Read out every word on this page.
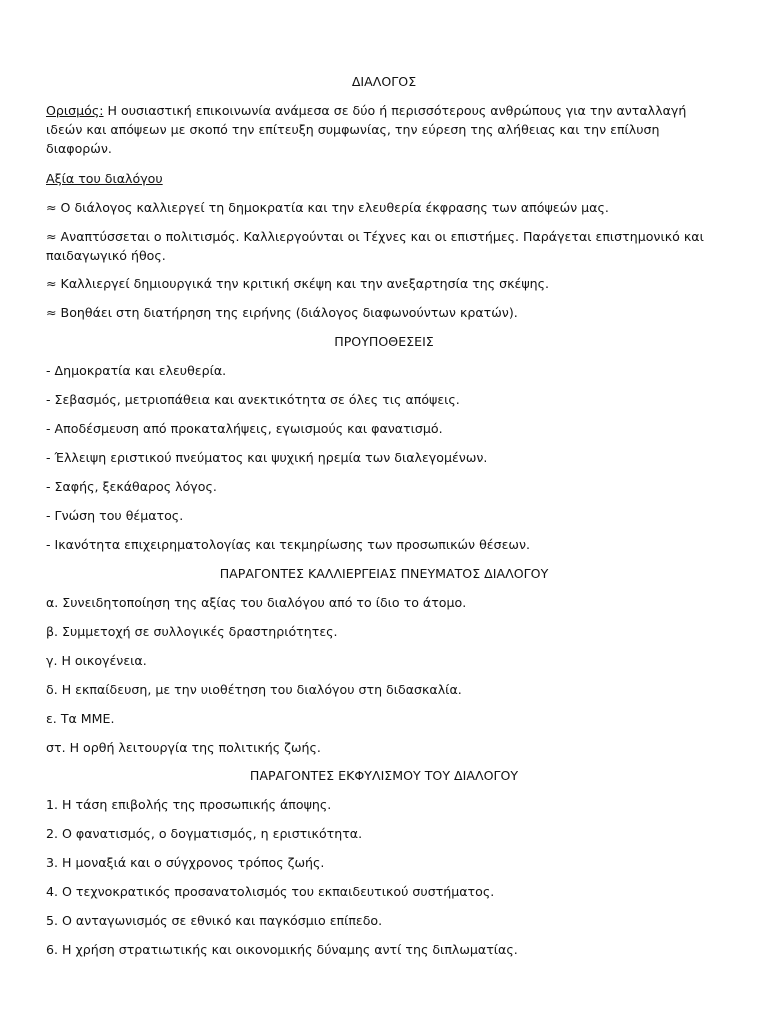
ΔΙΑΛΟΓΟΣ
Ορισμός: Η ουσιαστική επικοινωνία ανάμεσα σε δύο ή περισσότερους ανθρώπους για την ανταλλαγή ιδεών και απόψεων με σκοπό την επίτευξη συμφωνίας, την εύρεση της αλήθειας και την επίλυση διαφορών.
Αξία του διαλόγου
≈ Ο διάλογος καλλιεργεί τη δημοκρατία και την ελευθερία έκφρασης των απόψεών μας.
≈ Αναπτύσσεται ο πολιτισμός. Καλλιεργούνται οι Τέχνες και οι επιστήμες. Παράγεται επιστημονικό και παιδαγωγικό ήθος.
≈ Καλλιεργεί δημιουργικά την κριτική σκέψη και την ανεξαρτησία της σκέψης.
≈ Βοηθάει στη διατήρηση της ειρήνης (διάλογος διαφωνούντων κρατών).
ΠΡΟΥΠΟΘΕΣΕΙΣ
- Δημοκρατία και ελευθερία.
- Σεβασμός, μετριοπάθεια και ανεκτικότητα σε όλες τις απόψεις.
- Αποδέσμευση από προκαταλήψεις, εγωισμούς και φανατισμό.
- Έλλειψη εριστικού πνεύματος και ψυχική ηρεμία των διαλεγομένων.
- Σαφής, ξεκάθαρος λόγος.
- Γνώση του θέματος.
- Ικανότητα επιχειρηματολογίας και τεκμηρίωσης των προσωπικών θέσεων.
ΠΑΡΑΓΟΝΤΕΣ ΚΑΛΛΙΕΡΓΕΙΑΣ ΠΝΕΥΜΑΤΟΣ ΔΙΑΛΟΓΟΥ
α. Συνειδητοποίηση της αξίας του διαλόγου από το ίδιο το άτομο.
β. Συμμετοχή σε συλλογικές δραστηριότητες.
γ. Η οικογένεια.
δ. Η εκπαίδευση, με την υιοθέτηση του διαλόγου στη διδασκαλία.
ε. Τα ΜΜΕ.
στ. Η ορθή λειτουργία της πολιτικής ζωής.
ΠΑΡΑΓΟΝΤΕΣ ΕΚΦΥΛΙΣΜΟΥ ΤΟΥ ΔΙΑΛΟΓΟΥ
1. Η τάση επιβολής της προσωπικής άποψης.
2. Ο φανατισμός, ο δογματισμός, η εριστικότητα.
3. Η μοναξιά και ο σύγχρονος τρόπος ζωής.
4. Ο τεχνοκρατικός προσανατολισμός του εκπαιδευτικού συστήματος.
5. Ο ανταγωνισμός σε εθνικό και παγκόσμιο επίπεδο.
6. Η χρήση στρατιωτικής και οικονομικής δύναμης αντί της διπλωματίας.
